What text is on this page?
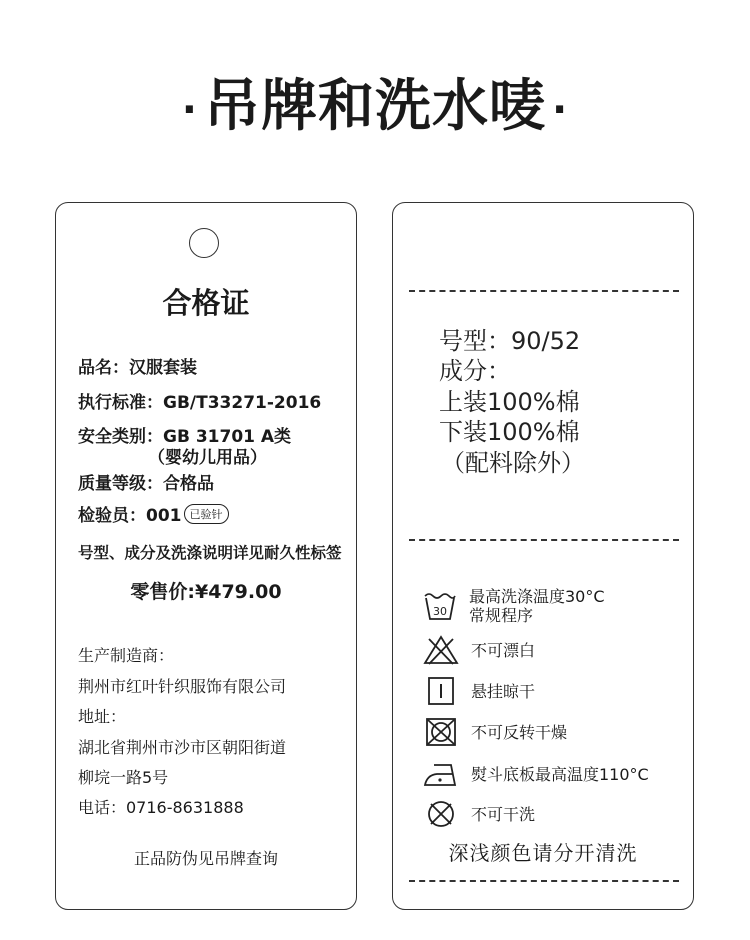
· 吊牌和洗水唛 ·
合格证
品名：汉服套装
执行标准：GB/T33271-2016
安全类别：GB 31701 A类
（婴幼儿用品）
质量等级：合格品
检验员：001 已验针
号型、成分及洗涤说明详见耐久性标签
零售价:¥479.00
生产制造商：
荆州市红叶针织服饰有限公司
地址：
湖北省荆州市沙市区朝阳街道
柳垸一路5号
电话：0716-8631888
正品防伪见吊牌查询
号型：90/52
成分：
上装100%棉
下装100%棉
（配料除外）
30
最高洗涤温度30°C
常规程序
不可漂白
悬挂晾干
不可反转干燥
熨斗底板最高温度110°C
不可干洗
深浅颜色请分开清洗
